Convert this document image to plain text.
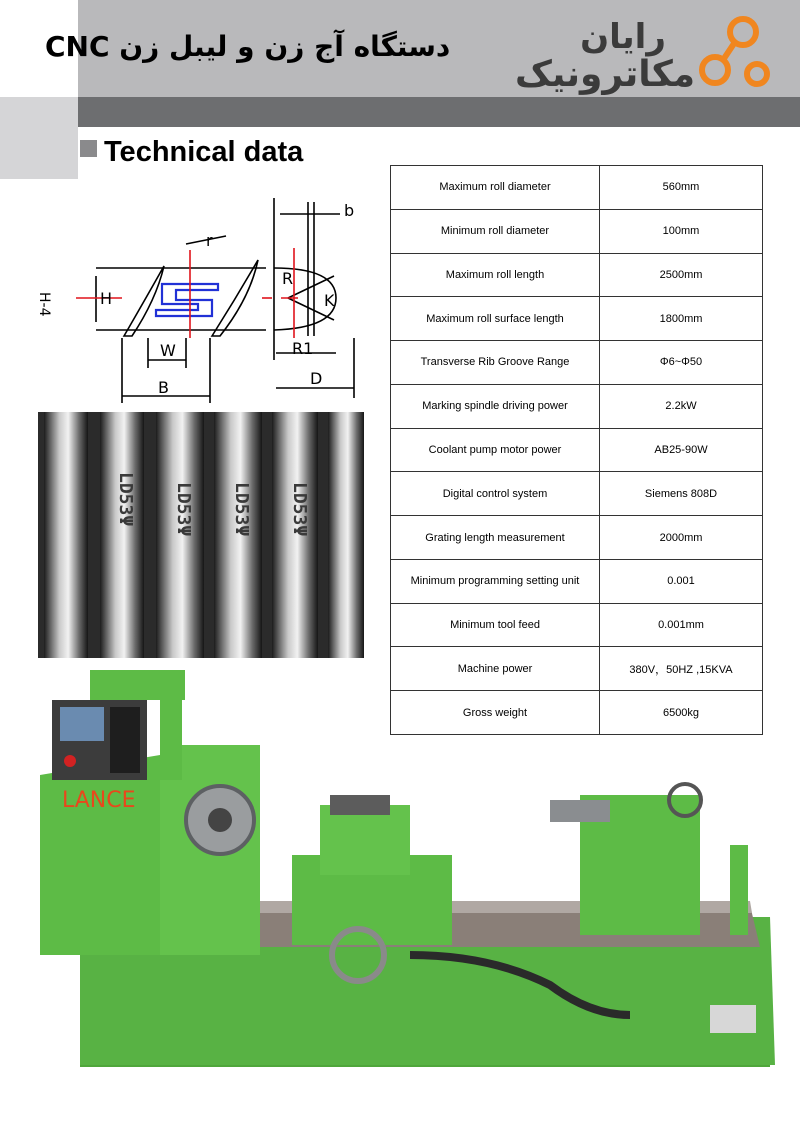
CNC دستگاه آج زن و لیبل زن	رایان
مکاترونیک
Technical data
b
r
H
R
K
W
B	D
R1
H-4
LD53Ψ LD53Ψ LD53Ψ LD53Ψ
Maximum roll diameter	560mm
Minimum roll diameter	100mm
Maximum roll length	2500mm
Maximum roll surface length	1800mm
Transverse Rib Groove Range	Φ6~Φ50
Marking spindle driving power	2.2kW
Coolant pump motor power	AB25-90W
Digital control system	Siemens 808D
Grating length measurement	2000mm
Minimum programming setting unit	0.001
Minimum tool feed	0.001mm
Machine power	380V，50HZ ,15KVA
Gross weight	6500kg
LANCE
